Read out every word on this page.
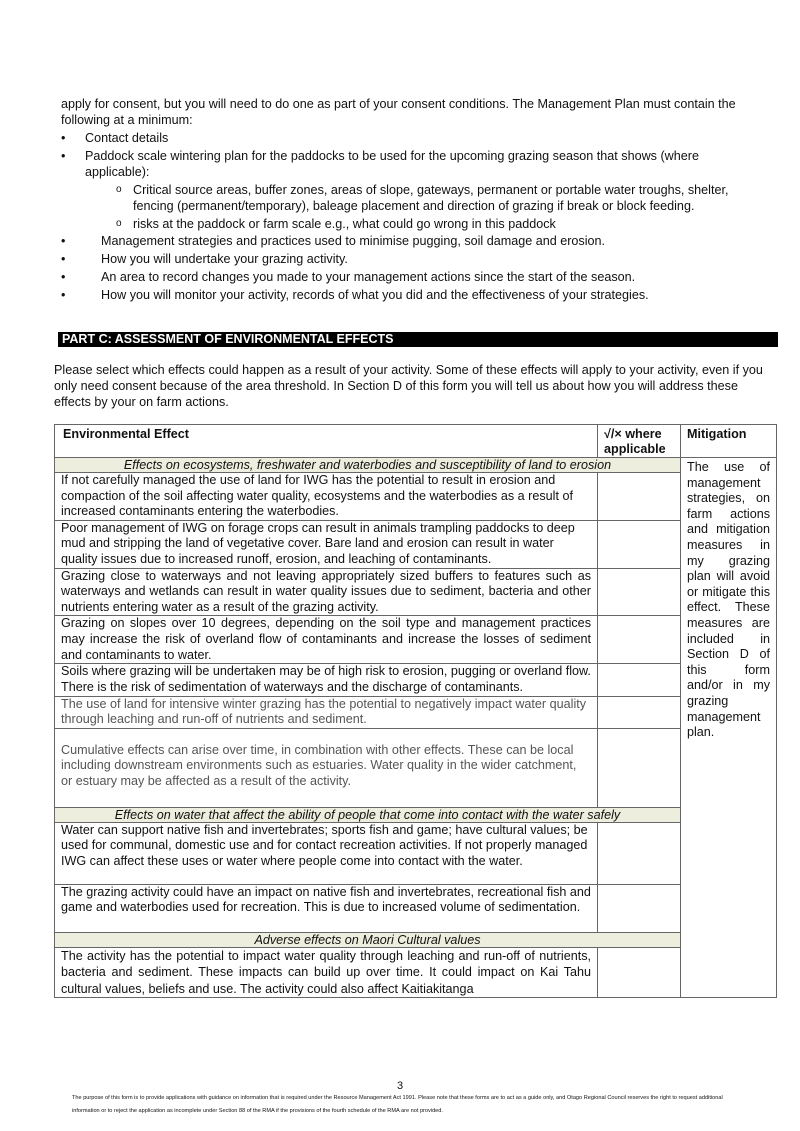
apply for consent, but you will need to do one as part of your consent conditions. The Management Plan must contain the following at a minimum:
• Contact details
• Paddock scale wintering plan for the paddocks to be used for the upcoming grazing season that shows (where applicable):
o Critical source areas, buffer zones, areas of slope, gateways, permanent or portable water troughs, shelter, fencing (permanent/temporary), baleage placement and direction of grazing if break or block feeding.
o risks at the paddock or farm scale e.g., what could go wrong in this paddock
• Management strategies and practices used to minimise pugging, soil damage and erosion.
• How you will undertake your grazing activity.
• An area to record changes you made to your management actions since the start of the season.
• How you will monitor your activity, records of what you did and the effectiveness of your strategies.
PART C: ASSESSMENT OF ENVIRONMENTAL EFFECTS
Please select which effects could happen as a result of your activity. Some of these effects will apply to your activity, even if you only need consent because of the area threshold. In Section D of this form you will tell us about how you will address these effects by your on farm actions.
Environmental Effect	√/× where applicable	Mitigation
Effects on ecosystems, freshwater and waterbodies and susceptibility of land to erosion		The use of management strategies, on farm actions and mitigation measures in my grazing plan will avoid or mitigate this effect. These measures are included in Section D of this form and/or in my grazing management plan.
If not carefully managed the use of land for IWG has the potential to result in erosion and compaction of the soil affecting water quality, ecosystems and the waterbodies as a result of increased contaminants entering the waterbodies.		
Poor management of IWG on forage crops can result in animals trampling paddocks to deep mud and stripping the land of vegetative cover. Bare land and erosion can result in water quality issues due to increased runoff, erosion, and leaching of contaminants.		
Grazing close to waterways and not leaving appropriately sized buffers to features such as waterways and wetlands can result in water quality issues due to sediment, bacteria and other nutrients entering water as a result of the grazing activity.		
Grazing on slopes over 10 degrees, depending on the soil type and management practices may increase the risk of overland flow of contaminants and increase the losses of sediment and contaminants to water.		
Soils where grazing will be undertaken may be of high risk to erosion, pugging or overland flow. There is the risk of sedimentation of waterways and the discharge of contaminants.		
The use of land for intensive winter grazing has the potential to negatively impact water quality through leaching and run-off of nutrients and sediment.		
Cumulative effects can arise over time, in combination with other effects. These can be local including downstream environments such as estuaries. Water quality in the wider catchment, or estuary may be affected as a result of the activity.		
Effects on water that affect the ability of people that come into contact with the water safely		
Water can support native fish and invertebrates; sports fish and game; have cultural values; be used for communal, domestic use and for contact recreation activities. If not properly managed IWG can affect these uses or water where people come into contact with the water.		
The grazing activity could have an impact on native fish and invertebrates, recreational fish and game and waterbodies used for recreation. This is due to increased volume of sedimentation.		
Adverse effects on Maori Cultural values		
The activity has the potential to impact water quality through leaching and run-off of nutrients, bacteria and sediment. These impacts can build up over time. It could impact on Kai Tahu cultural values, beliefs and use. The activity could also affect Kaitiakitanga		
3
The purpose of this form is to provide applications with guidance on information that is required under the Resource Management Act 1991. Please note that these forms are to act as a guide only, and Otago Regional Council reserves the right to request additional information or to reject the application as incomplete under Section 88 of the RMA if the provisions of the fourth schedule of the RMA are not provided.
